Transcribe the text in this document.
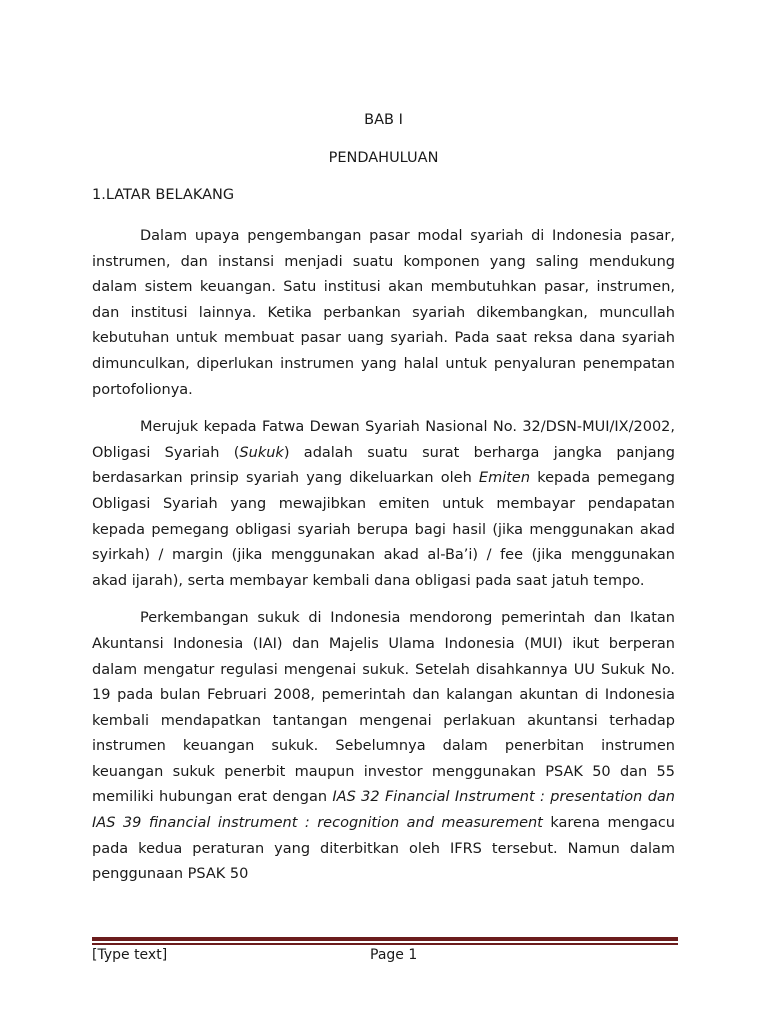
BAB I
PENDAHULUAN
1.LATAR BELAKANG

Dalam upaya pengembangan pasar modal syariah di Indonesia pasar, instrumen, dan instansi menjadi suatu komponen yang saling mendukung dalam sistem keuangan. Satu institusi akan membutuhkan pasar, instrumen, dan institusi lainnya. Ketika perbankan syariah dikembangkan, muncullah kebutuhan untuk membuat pasar uang syariah. Pada saat reksa dana syariah dimunculkan, diperlukan instrumen yang halal untuk penyaluran penempatan portofolionya.

Merujuk kepada Fatwa Dewan Syariah Nasional No. 32/DSN-MUI/IX/2002, Obligasi Syariah (Sukuk) adalah suatu surat berharga jangka panjang berdasarkan prinsip syariah yang dikeluarkan oleh Emiten kepada pemegang Obligasi Syariah yang mewajibkan emiten untuk membayar pendapatan kepada pemegang obligasi syariah berupa bagi hasil (jika menggunakan akad syirkah) / margin (jika menggunakan akad al-Ba’i) / fee (jika menggunakan akad ijarah), serta membayar kembali dana obligasi pada saat jatuh tempo.

Perkembangan sukuk di Indonesia mendorong pemerintah dan Ikatan Akuntansi Indonesia (IAI) dan Majelis Ulama Indonesia (MUI) ikut berperan dalam mengatur regulasi mengenai sukuk. Setelah disahkannya UU Sukuk No. 19 pada bulan Februari 2008, pemerintah dan kalangan akuntan di Indonesia kembali mendapatkan tantangan mengenai perlakuan akuntansi terhadap instrumen keuangan sukuk. Sebelumnya dalam penerbitan instrumen keuangan sukuk penerbit maupun investor menggunakan PSAK 50 dan 55 memiliki hubungan erat dengan IAS 32 Financial Instrument : presentation dan IAS 39 financial instrument : recognition and measurement karena mengacu pada kedua peraturan yang diterbitkan oleh IFRS tersebut. Namun dalam penggunaan PSAK 50

[Type text]	Page 1
